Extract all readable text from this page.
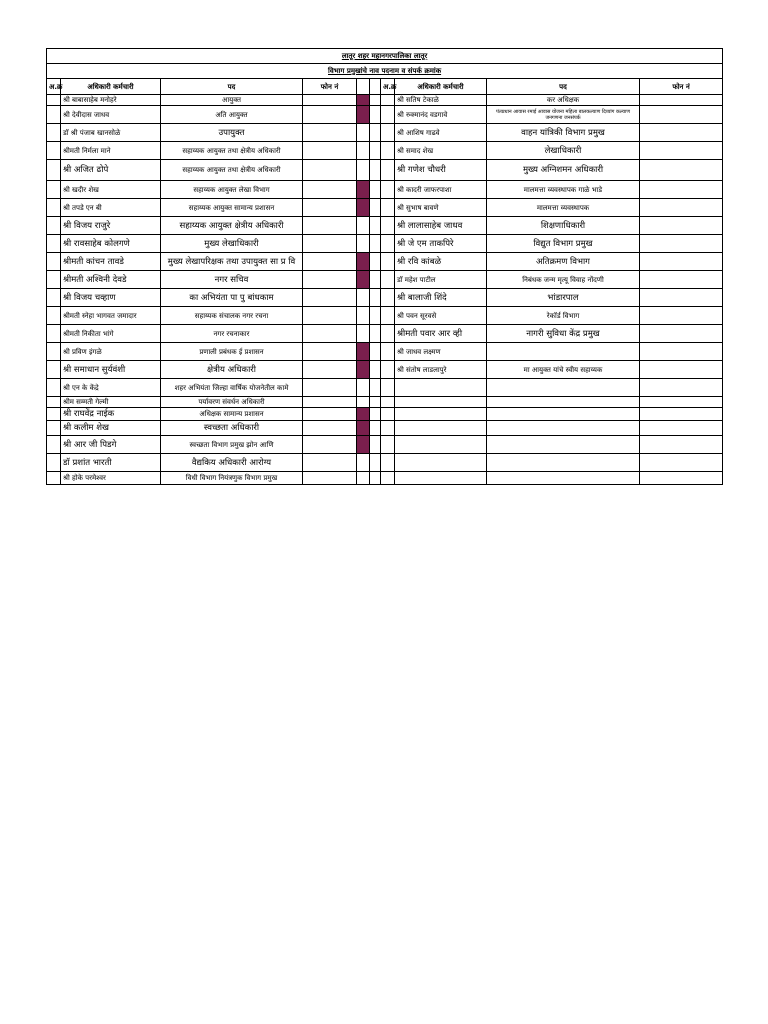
लातूर शहर महानगरपालिका लातूर									
विभाग प्रमुखांचे नाव पदनाम व संपर्क क्रमांक									
अ.क्र	अधिकारी कर्मचारी	पद	फोन नं			अ.क्र	अधिकारी कर्मचारी	पद	फोन नं
	श्री बाबासाहेब मनोहरे	आयुक्त					श्री सतिष टेकाळे	कर अधिक्षक	
	श्री देवीदास जाधव	अति आयुक्त					श्री रुक्मानंद वडगावे	पंतप्रधान आवास रमाई आवास योजना महिला बालकल्याण दिव्यांग कल्याण जनगणना जनसंपर्क	
	डॉ श्री पंजाब खानसोळे	उपायुक्त					श्री आशिष गाढवे	वाहन यांत्रिकी विभाग प्रमुख	
	श्रीमती निर्मला माने	सहाय्यक आयुक्त तथा क्षेत्रीय अधिकारी					श्री समाद शेख	लेखाधिकारी	
	श्री अजित ढोपे	सहाय्यक आयुक्त तथा क्षेत्रीय अधिकारी					श्री गणेश चौधरी	मुख्य अग्निशमन अधिकारी	
	श्री खदीर शेख	सहाय्यक आयुक्त लेखा विभाग					श्री कादरी जाफरपाशा	मालमत्ता व्यवस्थापक गाळे भाडे	
	श्री तपडे एन बी	सहाय्यक आयुक्त सामान्य प्रशासन					श्री सुभाष बावणे	मालमत्ता व्यवस्थापक	
	श्री विजय राजुरे	सहाय्यक आयुक्त क्षेत्रीय अधिकारी					श्री लालासाहेब जाधव	शिक्षणाधिकारी	
	श्री रावसाहेब कोलगणे	मुख्य लेखाधिकारी					श्री जे एम ताकपिरे	विद्युत विभाग प्रमुख	
	श्रीमती कांचन तावडे	मुख्य लेखापरिक्षक तथा उपायुक्त सा प्र वि					श्री रवि कांबळे	अतिक्रमण विभाग	
	श्रीमती अश्विनी देवडे	नगर सचिव					डॉ महेश पाटील	निबंधक जन्म मृत्यू विवाह नोंदणी	
	श्री विजय चव्हाण	का अभियंता पा पु बांधकाम					श्री बालाजी शिंदे	भांडारपाल	
	श्रीमती स्नेहा भागवत जमादार	सहाय्यक संचालक नगर रचना					श्री पवन सूरवसे	रेकॉर्ड विभाग	
	श्रीमती निकीता भांगे	नगर रचनाकार					श्रीमती पवार आर व्ही	नागरी सुविधा केंद्र प्रमुख	
	श्री प्रविण इंगळे	प्रणाली प्रबंधक ई प्रशासन					श्री जाधव लक्ष्मण		
	श्री समाधान सुर्यवंशी	क्षेत्रीय अधिकारी					श्री संतोष लाडलापुरे	मा आयुक्त यांचे स्वीय सहाय्यक	
	श्री एन के केंद्रे	शहर अभियंता जिल्हा वार्षिक योजनेतील कामे							
	श्रीम सम्मती गेल्मी	पर्यावरण संवर्धन अधिकारी							
	श्री राघवेंद्र नाईक	अधिक्षक सामान्य प्रशासन							
	श्री कलीम शेख	स्वच्छता अधिकारी							
	श्री आर जी पिडगे	स्वच्छता विभाग प्रमुख झोन आणि							
	डॉ प्रशांत भारती	वैद्यकिय अधिकारी आरोग्य							
	श्री होके परमेश्वर	विधी विभाग नियंत्रणुक विभाग प्रमुख							
